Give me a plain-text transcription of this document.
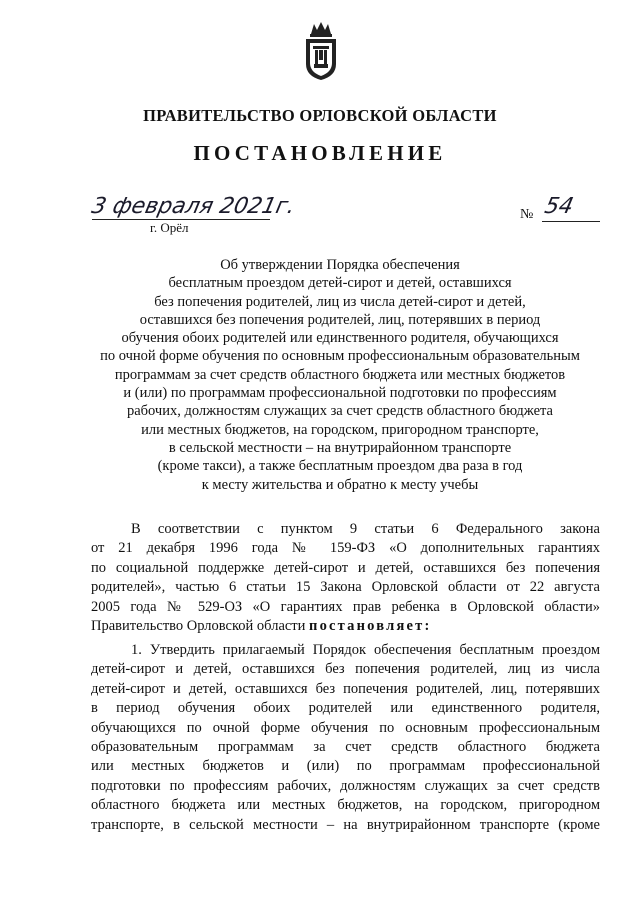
ПРАВИТЕЛЬСТВО ОРЛОВСКОЙ ОБЛАСТИ
ПОСТАНОВЛЕНИЕ
3 февраля 2021г.
г. Орёл
№ 54
Об утверждении Порядка обеспечения
бесплатным проездом детей-сирот и детей, оставшихся
без попечения родителей, лиц из числа детей-сирот и детей,
оставшихся без попечения родителей, лиц, потерявших в период
обучения обоих родителей или единственного родителя, обучающихся
по очной форме обучения по основным профессиональным образовательным
программам за счет средств областного бюджета или местных бюджетов
и (или) по программам профессиональной подготовки по профессиям
рабочих, должностям служащих за счет средств областного бюджета
или местных бюджетов, на городском, пригородном транспорте,
в сельской местности – на внутрирайонном транспорте
(кроме такси), а также бесплатным проездом два раза в год
к месту жительства и обратно к месту учебы
В соответствии с пунктом 9 статьи 6 Федерального закона
от 21 декабря 1996 года № 159-ФЗ «О дополнительных гарантиях
по социальной поддержке детей-сирот и детей, оставшихся без попечения
родителей», частью 6 статьи 15 Закона Орловской области от 22 августа
2005 года № 529-ОЗ «О гарантиях прав ребенка в Орловской области»
Правительство Орловской области постановляет:
1. Утвердить прилагаемый Порядок обеспечения бесплатным проездом
детей-сирот и детей, оставшихся без попечения родителей, лиц из числа
детей-сирот и детей, оставшихся без попечения родителей, лиц, потерявших
в период обучения обоих родителей или единственного родителя,
обучающихся по очной форме обучения по основным профессиональным
образовательным программам за счет средств областного бюджета
или местных бюджетов и (или) по программам профессиональной
подготовки по профессиям рабочих, должностям служащих за счет средств
областного бюджета или местных бюджетов, на городском, пригородном
транспорте, в сельской местности – на внутрирайонном транспорте (кроме
